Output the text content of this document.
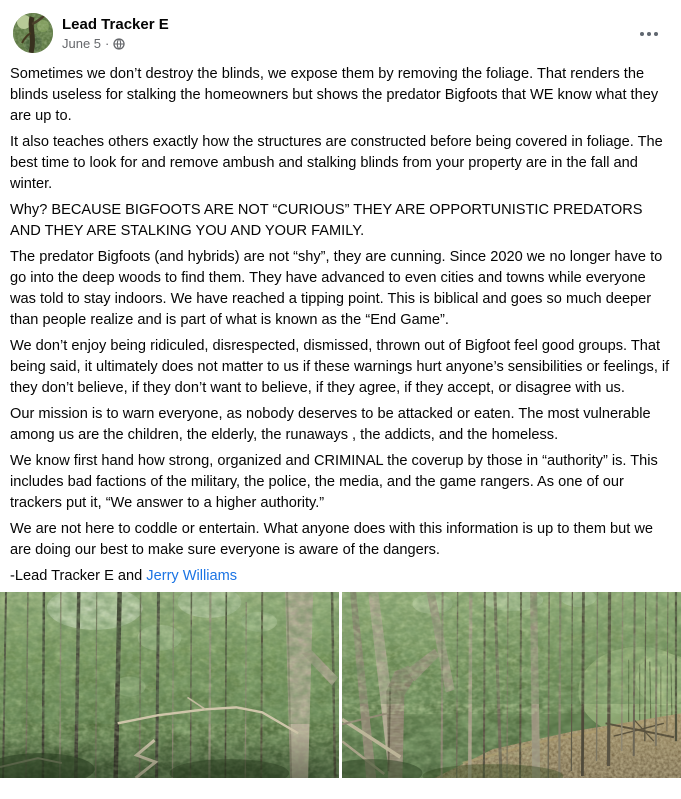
Lead Tracker E
June 5 ·

Sometimes we don’t destroy the blinds, we expose them by removing the foliage. That renders the blinds useless for stalking the homeowners but shows the predator Bigfoots that WE know what they are up to.

It also teaches others exactly how the structures are constructed before being covered in foliage. The best time to look for and remove ambush and stalking blinds from your property are in the fall and winter.

Why? BECAUSE BIGFOOTS ARE NOT “CURIOUS” THEY ARE OPPORTUNISTIC PREDATORS AND THEY ARE STALKING YOU AND YOUR FAMILY.

The predator Bigfoots (and hybrids) are not “shy”, they are cunning. Since 2020 we no longer have to go into the deep woods to find them. They have advanced to even cities and towns while everyone was told to stay indoors. We have reached a tipping point. This is biblical and goes so much deeper than people realize and is part of what is known as the “End Game”.

We don’t enjoy being ridiculed, disrespected, dismissed, thrown out of Bigfoot feel good groups. That being said, it ultimately does not matter to us if these warnings hurt anyone’s sensibilities or feelings, if they don’t believe, if they don’t want to believe, if they agree, if they accept, or disagree with us.

Our mission is to warn everyone, as nobody deserves to be attacked or eaten. The most vulnerable among us are the children, the elderly, the runaways , the addicts, and the homeless.

We know first hand how strong, organized and CRIMINAL the coverup by those in “authority” is. This includes bad factions of the military, the police, the media, and the game rangers. As one of our trackers put it, “We answer to a higher authority.”

We are not here to coddle or entertain. What anyone does with this information is up to them but we are doing our best to make sure everyone is aware of the dangers.

-Lead Tracker E and Jerry Williams
